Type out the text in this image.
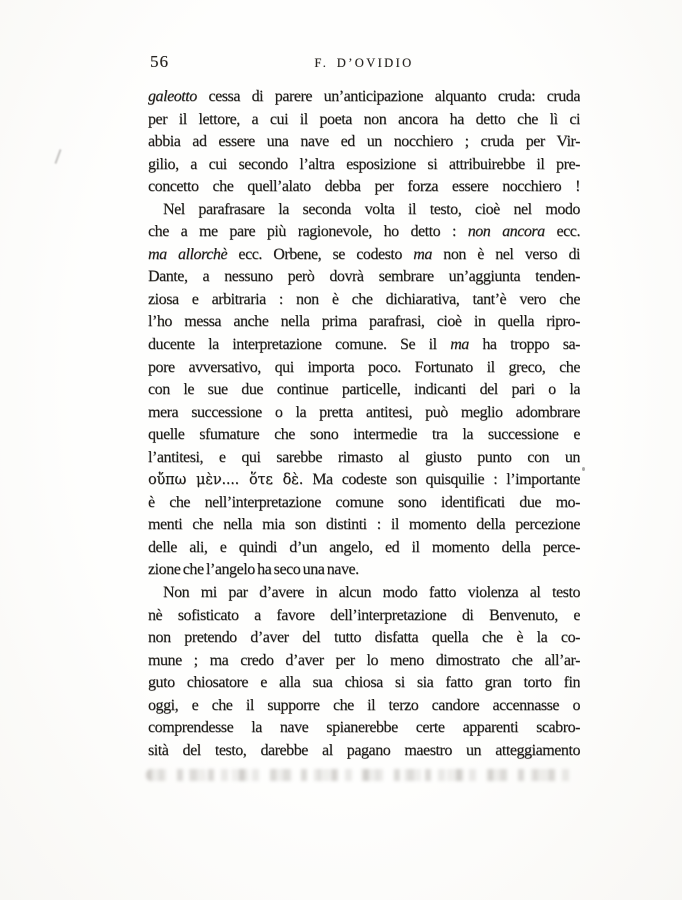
56	F. D’OVIDIO
galeotto cessa di parere un’anticipazione alquanto cruda: cruda
per il lettore, a cui il poeta non ancora ha detto che lì ci
abbia ad essere una nave ed un nocchiero ; cruda per Vir-
gilio, a cui secondo l’altra esposizione si attribuirebbe il pre-
concetto che quell’alato debba per forza essere nocchiero !
Nel parafrasare la seconda volta il testo, cioè nel modo
che a me pare più ragionevole, ho detto : non ancora ecc.
ma allorchè ecc. Orbene, se codesto ma non è nel verso di
Dante, a nessuno però dovrà sembrare un’aggiunta tenden-
ziosa e arbitraria : non è che dichiarativa, tant’è vero che
l’ho messa anche nella prima parafrasi, cioè in quella ripro-
ducente la interpretazione comune. Se il ma ha troppo sa-
pore avversativo, qui importa poco. Fortunato il greco, che
con le sue due continue particelle, indicanti del pari o la
mera successione o la pretta antitesi, può meglio adombrare
quelle sfumature che sono intermedie tra la successione e
l’antitesi, e qui sarebbe rimasto al giusto punto con un
οὔπω μὲν.... ὅτε δὲ. Ma codeste son quisquilie : l’importante
è che nell’interpretazione comune sono identificati due mo-
menti che nella mia son distinti : il momento della percezione
delle ali, e quindi d’un angelo, ed il momento della perce-
zione che l’angelo ha seco una nave.
Non mi par d’avere in alcun modo fatto violenza al testo
nè sofisticato a favore dell’interpretazione di Benvenuto, e
non pretendo d’aver del tutto disfatta quella che è la co-
mune ; ma credo d’aver per lo meno dimostrato che all’ar-
guto chiosatore e alla sua chiosa si sia fatto gran torto fin
oggi, e che il supporre che il terzo candore accennasse o
comprendesse la nave spianerebbe certe apparenti scabro-
sità del testo, darebbe al pagano maestro un atteggiamento
